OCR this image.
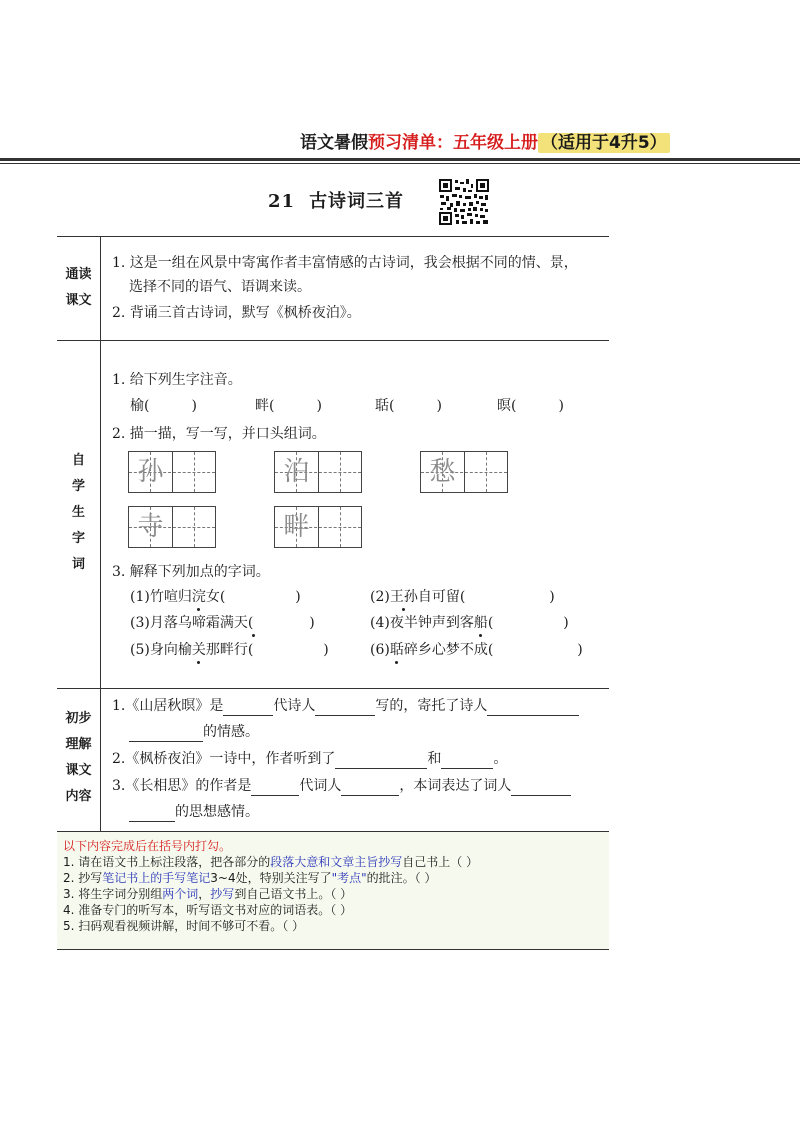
语文暑假预习清单：五年级上册 （适用于4升5）
21 古诗词三首
通读
课文
1. 这是一组在风景中寄寓作者丰富情感的古诗词，我会根据不同的情、景，
选择不同的语气、语调来读。
2. 背诵三首古诗词，默写《枫桥夜泊》。
自
学
生
字
词
1. 给下列生字注音。
榆(　　　)	畔(　　　)	聒(　　　)	暝(　　　)
2. 描一描，写一写，并口头组词。
孙	泊	愁
寺	畔
3. 解释下列加点的字词。
(1)竹喧归浣女(　　　　　)	(2)王孙自可留(　　　　　　)
(3)月落乌啼霜满天(　　　　)	(4)夜半钟声到客船(　　　　　)
(5)身向榆关那畔行(　　　　　)	(6)聒碎乡心梦不成(　　　　　　)
初步
理解
课文
内容
1.《山居秋暝》是	代诗人	写的，寄托了诗人
的情感。
2.《枫桥夜泊》一诗中，作者听到了	和	。
3.《长相思》的作者是	代词人	，本词表达了词人
的思想感情。
以下内容完成后在括号内打勾。
1. 请在语文书上标注段落，把各部分的段落大意和文章主旨抄写自己书上（ ）
2. 抄写笔记书上的手写笔记3~4处，特别关注写了"考点"的批注。（ ）
3. 将生字词分别组两个词，抄写到自己语文书上。（ ）
4. 准备专门的听写本，听写语文书对应的词语表。（ ）
5. 扫码观看视频讲解，时间不够可不看。（ ）
